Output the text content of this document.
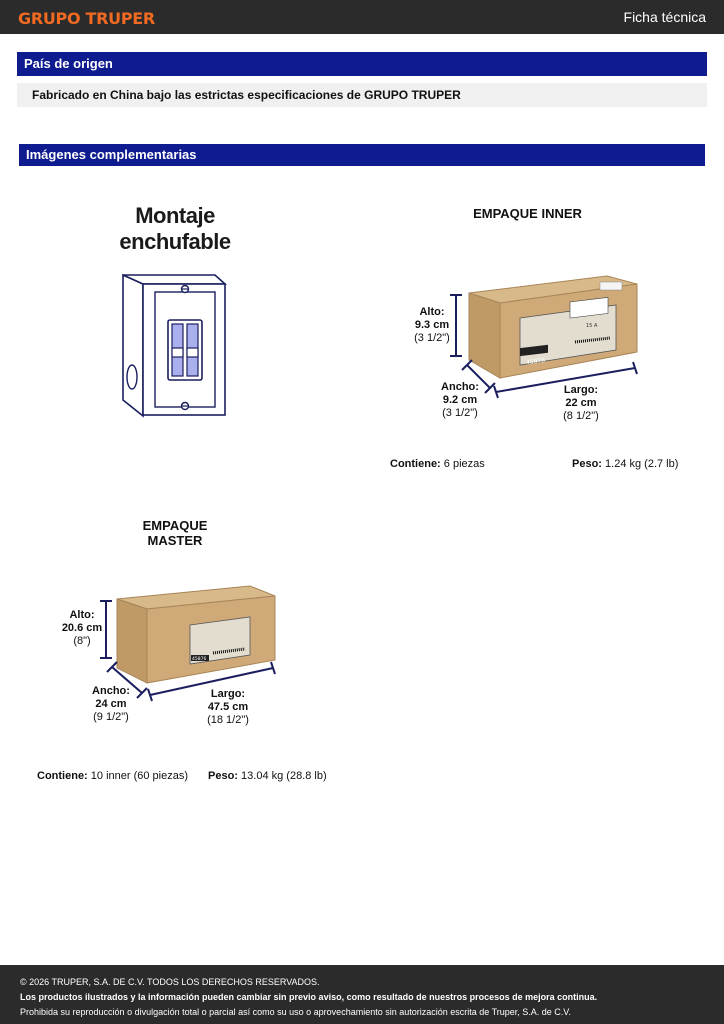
GRUPO TRUPER	Ficha técnica
País de origen
Fabricado en China bajo las estrictas especificaciones de GRUPO TRUPER
Imágenes complementarias
Montaje
enchufable
EMPAQUE INNER
45876
15 A
Alto:
9.3 cm
(3 1/2")
Ancho:
9.2 cm
(3 1/2")
Largo:
22 cm
(8 1/2")
Contiene: 6 piezas	Peso: 1.24 kg (2.7 lb)
EMPAQUE MASTER
45876
Alto:
20.6 cm
(8")
Ancho:
24 cm
(9 1/2")
Largo:
47.5 cm
(18 1/2")
Contiene: 10 inner (60 piezas) Peso: 13.04 kg (28.8 lb)
© 2026 TRUPER, S.A. DE C.V. TODOS LOS DERECHOS RESERVADOS.
Los productos ilustrados y la información pueden cambiar sin previo aviso, como resultado de nuestros procesos de mejora continua.
Prohibida su reproducción o divulgación total o parcial así como su uso o aprovechamiento sin autorización escrita de Truper, S.A. de C.V.
